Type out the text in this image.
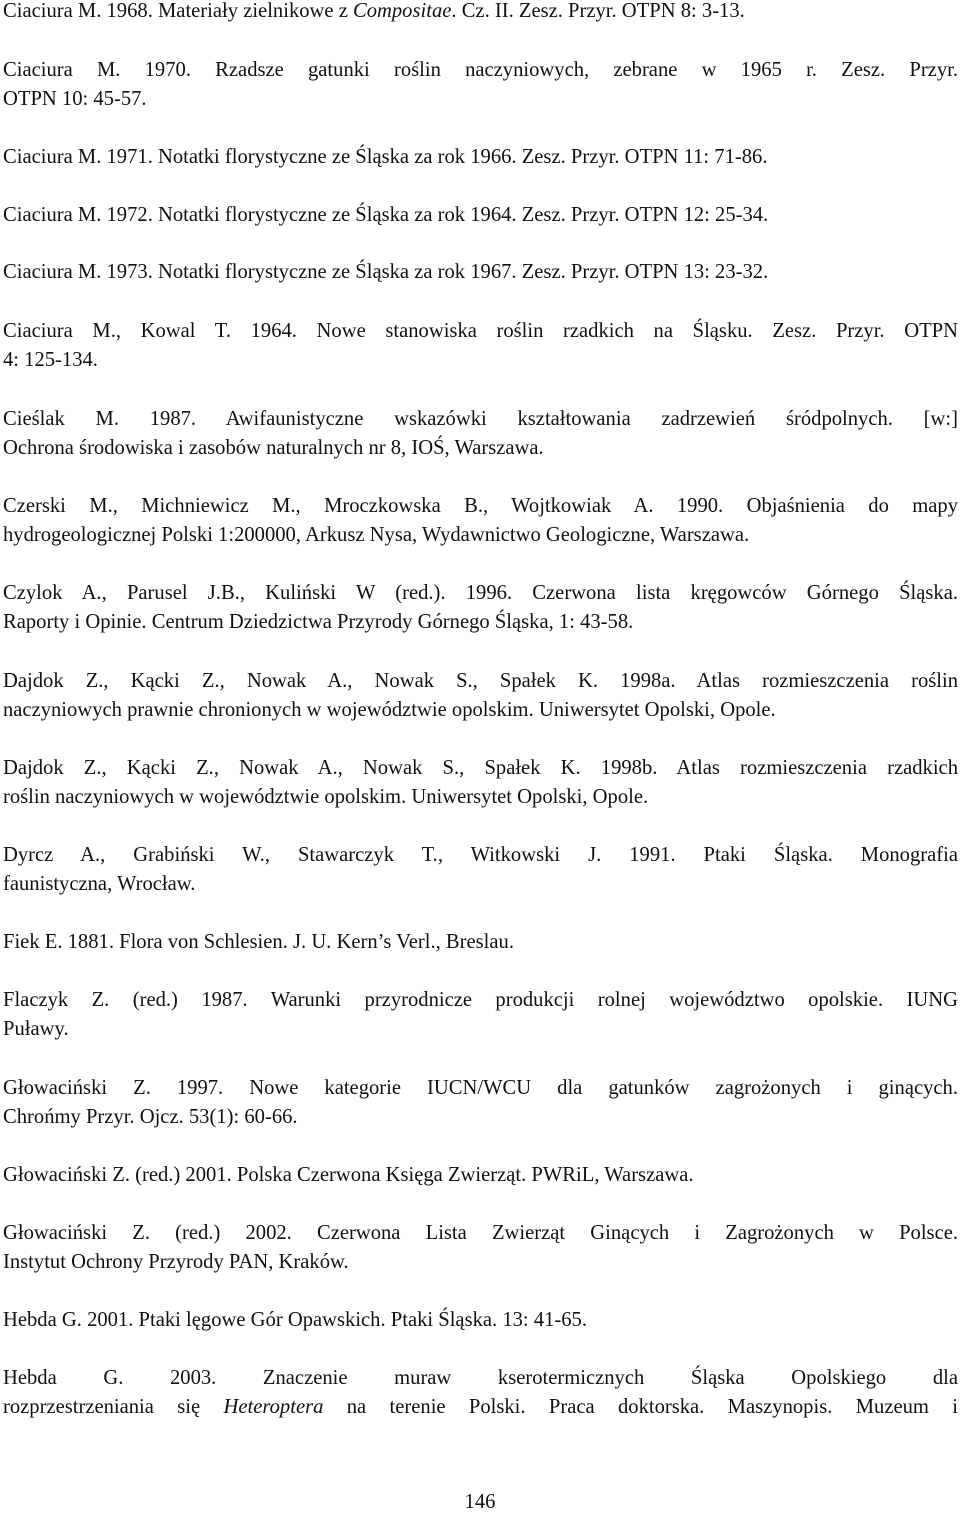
Ciaciura M. 1968. Materiały zielnikowe z Compositae. Cz. II. Zesz. Przyr. OTPN 8: 3-13.
Ciaciura M. 1970. Rzadsze gatunki roślin naczyniowych, zebrane w 1965 r. Zesz. Przyr.
OTPN 10: 45-57.
Ciaciura M. 1971. Notatki florystyczne ze Śląska za rok 1966. Zesz. Przyr. OTPN 11: 71-86.
Ciaciura M. 1972. Notatki florystyczne ze Śląska za rok 1964. Zesz. Przyr. OTPN 12: 25-34.
Ciaciura M. 1973. Notatki florystyczne ze Śląska za rok 1967. Zesz. Przyr. OTPN 13: 23-32.
Ciaciura M., Kowal T. 1964. Nowe stanowiska roślin rzadkich na Śląsku. Zesz. Przyr. OTPN
4: 125-134.
Cieślak M. 1987. Awifaunistyczne wskazówki kształtowania zadrzewień śródpolnych. [w:]
Ochrona środowiska i zasobów naturalnych nr 8, IOŚ, Warszawa.
Czerski M., Michniewicz M., Mroczkowska B., Wojtkowiak A. 1990. Objaśnienia do mapy
hydrogeologicznej Polski 1:200000, Arkusz Nysa, Wydawnictwo Geologiczne, Warszawa.
Czylok A., Parusel J.B., Kuliński W (red.). 1996. Czerwona lista kręgowców Górnego Śląska.
Raporty i Opinie. Centrum Dziedzictwa Przyrody Górnego Śląska, 1: 43-58.
Dajdok Z., Kącki Z., Nowak A., Nowak S., Spałek K. 1998a. Atlas rozmieszczenia roślin
naczyniowych prawnie chronionych w województwie opolskim. Uniwersytet Opolski, Opole.
Dajdok Z., Kącki Z., Nowak A., Nowak S., Spałek K. 1998b. Atlas rozmieszczenia rzadkich
roślin naczyniowych w województwie opolskim. Uniwersytet Opolski, Opole.
Dyrcz A., Grabiński W., Stawarczyk T., Witkowski J. 1991. Ptaki Śląska. Monografia
faunistyczna, Wrocław.
Fiek E. 1881. Flora von Schlesien. J. U. Kern’s Verl., Breslau.
Flaczyk Z. (red.) 1987. Warunki przyrodnicze produkcji rolnej województwo opolskie. IUNG
Puławy.
Głowaciński Z. 1997. Nowe kategorie IUCN/WCU dla gatunków zagrożonych i ginących.
Chrońmy Przyr. Ojcz. 53(1): 60-66.
Głowaciński Z. (red.) 2001. Polska Czerwona Księga Zwierząt. PWRiL, Warszawa.
Głowaciński Z. (red.) 2002. Czerwona Lista Zwierząt Ginących i Zagrożonych w Polsce.
Instytut Ochrony Przyrody PAN, Kraków.
Hebda G. 2001. Ptaki lęgowe Gór Opawskich. Ptaki Śląska. 13: 41-65.
Hebda G. 2003. Znaczenie muraw kserotermicznych Śląska Opolskiego dla
rozprzestrzeniania się Heteroptera na terenie Polski. Praca doktorska. Maszynopis. Muzeum i
146
